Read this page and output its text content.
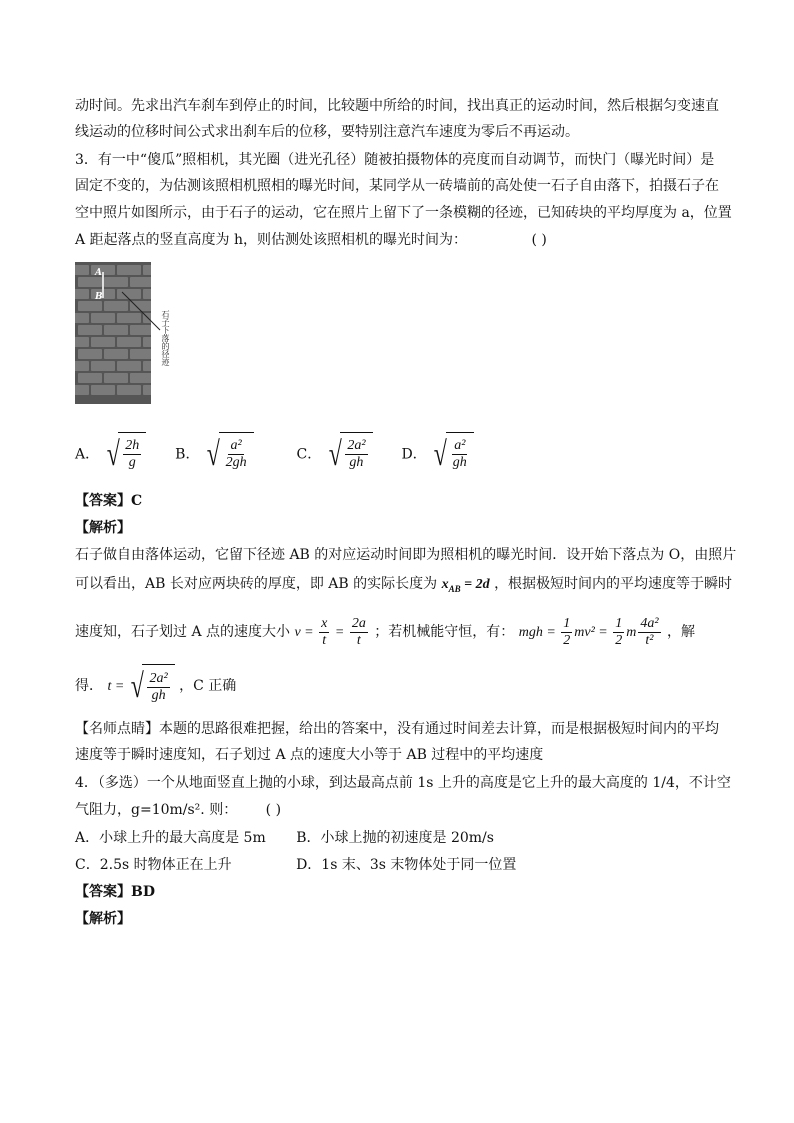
动时间。先求出汽车刹车到停止的时间，比较题中所给的时间，找出真正的运动时间，然后根据匀变速直
线运动的位移时间公式求出刹车后的位移，要特别注意汽车速度为零后不再运动。
3．有一中“傻瓜”照相机，其光圈（进光孔径）随被拍摄物体的亮度而自动调节，而快门（曝光时间）是
固定不变的，为估测该照相机照相的曝光时间，某同学从一砖墙前的高处使一石子自由落下，拍摄石子在
空中照片如图所示，由于石子的运动，它在照片上留下了一条模糊的径迹，已知砖块的平均厚度为 a，位置
A 距起落点的竖直高度为 h，则估测处该照相机的曝光时间为：	( )
A
B
石子下落的径迹
A． √ $\frac{2h}{g}$ B． √ $\frac{\text{a²}}{2gh}$	C． √ $\frac{\text{2a²}}{gh}$ D． √ $\frac{\text{a²}}{gh}$
【答案】C
【解析】
石子做自由落体运动，它留下径迹 AB 的对应运动时间即为照相机的曝光时间．设开始下落点为 O，由照片
可以看出，AB 长对应两块砖的厚度，即 AB 的实际长度为 $x_{AB} = 2d$ ，根据极短时间内的平均速度等于瞬时
速度知，石子划过 A 点的速度大小 $v = \frac{x}{t} = \frac{2a}{t}$ ；若机械能守恒，有： mgh = $\frac{1}{2} mv^2 = \frac{1}{2}$ m $\frac{\text{4a²}}{\text{t²}}$ ，解
得． t = √ $\frac{\text{2a²}}{gh}$ ，C 正确
【名师点睛】本题的思路很难把握，给出的答案中，没有通过时间差去计算，而是根据极短时间内的平均
速度等于瞬时速度知，石子划过 A 点的速度大小等于 AB 过程中的平均速度
4．（多选）一个从地面竖直上抛的小球，到达最高点前 1s 上升的高度是它上升的最大高度的 1/4，不计空
气阻力，g=10m/s². 则： ( )
A．小球上升的最大高度是 5m B．小球上抛的初速度是 20m/s
C．2.5s 时物体正在上升	D．1s 末、3s 末物体处于同一位置
【答案】BD
【解析】
